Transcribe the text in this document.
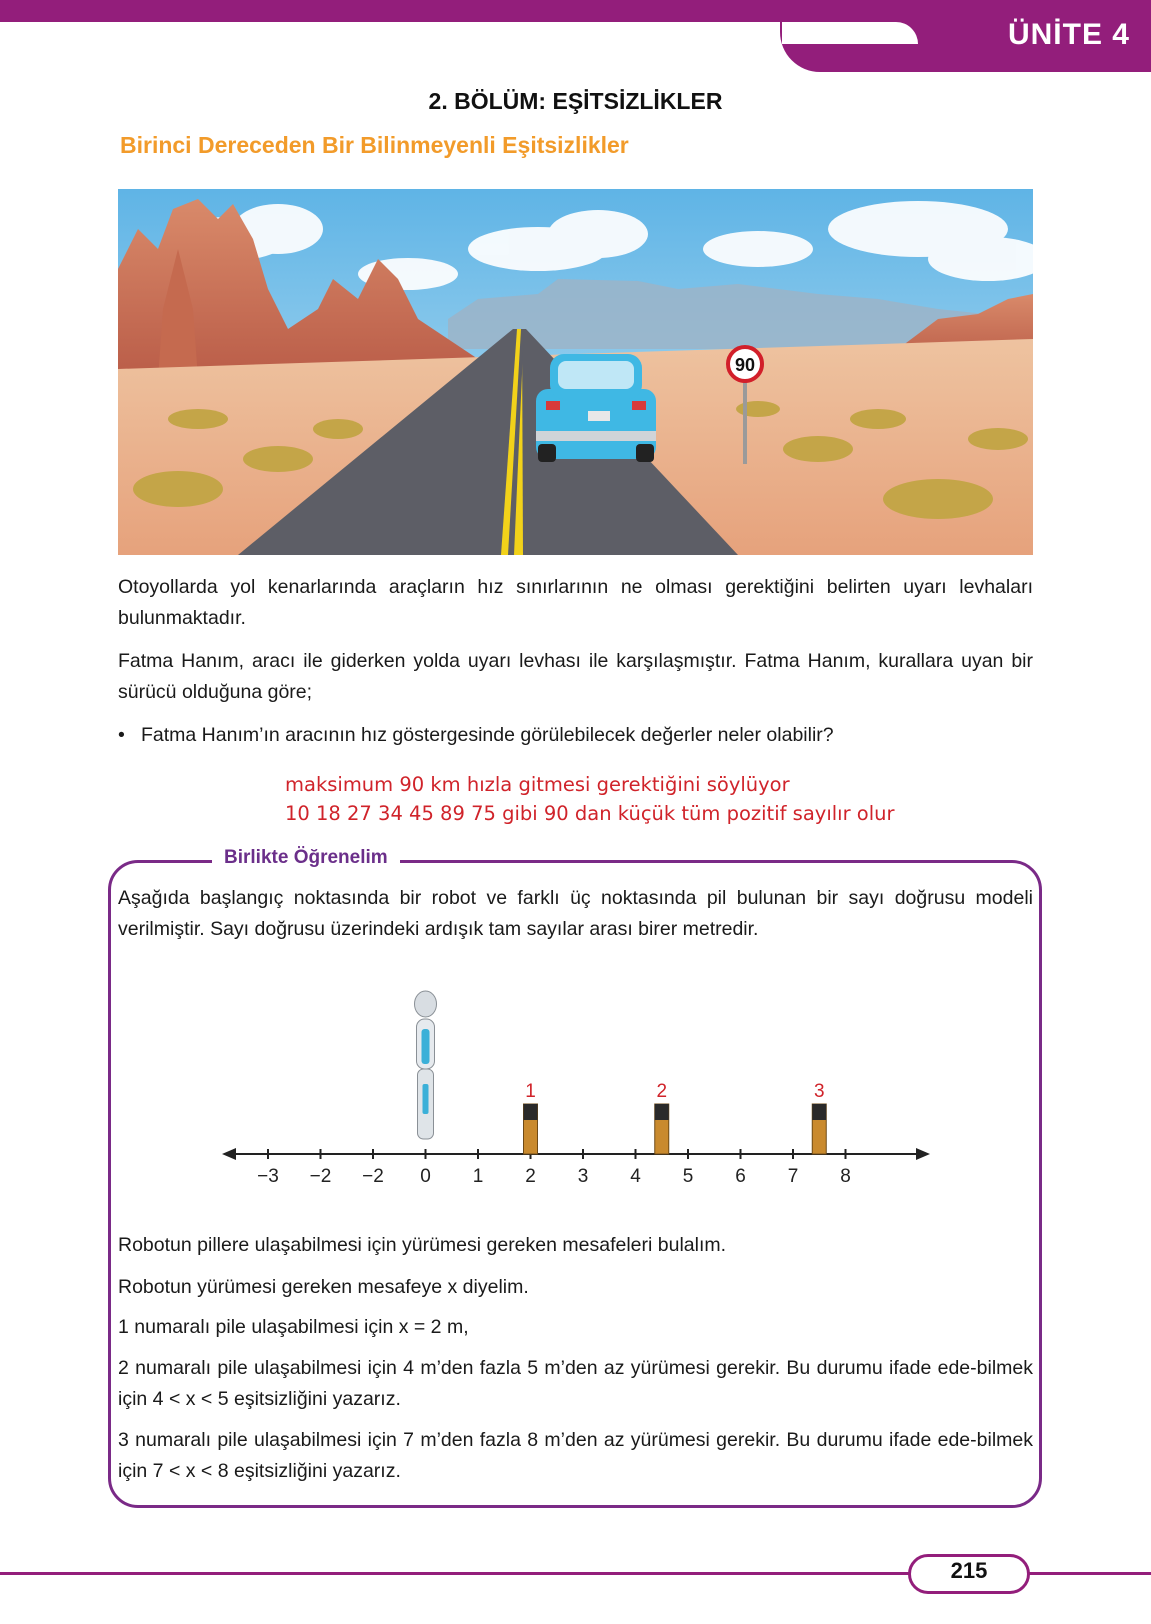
ÜNİTE 4
2. BÖLÜM: EŞİTSİZLİKLER
Birinci Dereceden Bir Bilinmeyenli Eşitsizlikler
90
Otoyollarda yol kenarlarında araçların hız sınırlarının ne olması gerektiğini belirten uyarı levhaları bulunmaktadır.
Fatma Hanım, aracı ile giderken yolda uyarı levhası ile karşılaşmıştır. Fatma Hanım, kurallara uyan bir sürücü olduğuna göre;
• Fatma Hanım’ın aracının hız göstergesinde görülebilecek değerler neler olabilir?
maksimum 90 km hızla gitmesi gerektiğini söylüyor
10 18 27 34 45 89 75 gibi 90 dan küçük tüm pozitif sayılır olur
Birlikte Öğrenelim
Aşağıda başlangıç noktasında bir robot ve farklı üç noktasında pil bulunan bir sayı doğrusu modeli verilmiştir. Sayı doğrusu üzerindeki ardışık tam sayılar arası birer metredir.
−3 −2 −2 0 1 2 3 4 5 6 7 8
1	2	3
Robotun pillere ulaşabilmesi için yürümesi gereken mesafeleri bulalım.
Robotun yürümesi gereken mesafeye x diyelim.
1 numaralı pile ulaşabilmesi için x = 2 m,
2 numaralı pile ulaşabilmesi için 4 m’den fazla 5 m’den az yürümesi gerekir. Bu durumu ifade ede-bilmek için 4 < x < 5 eşitsizliğini yazarız.
3 numaralı pile ulaşabilmesi için 7 m’den fazla 8 m’den az yürümesi gerekir. Bu durumu ifade ede-bilmek için 7 < x < 8 eşitsizliğini yazarız.
215
